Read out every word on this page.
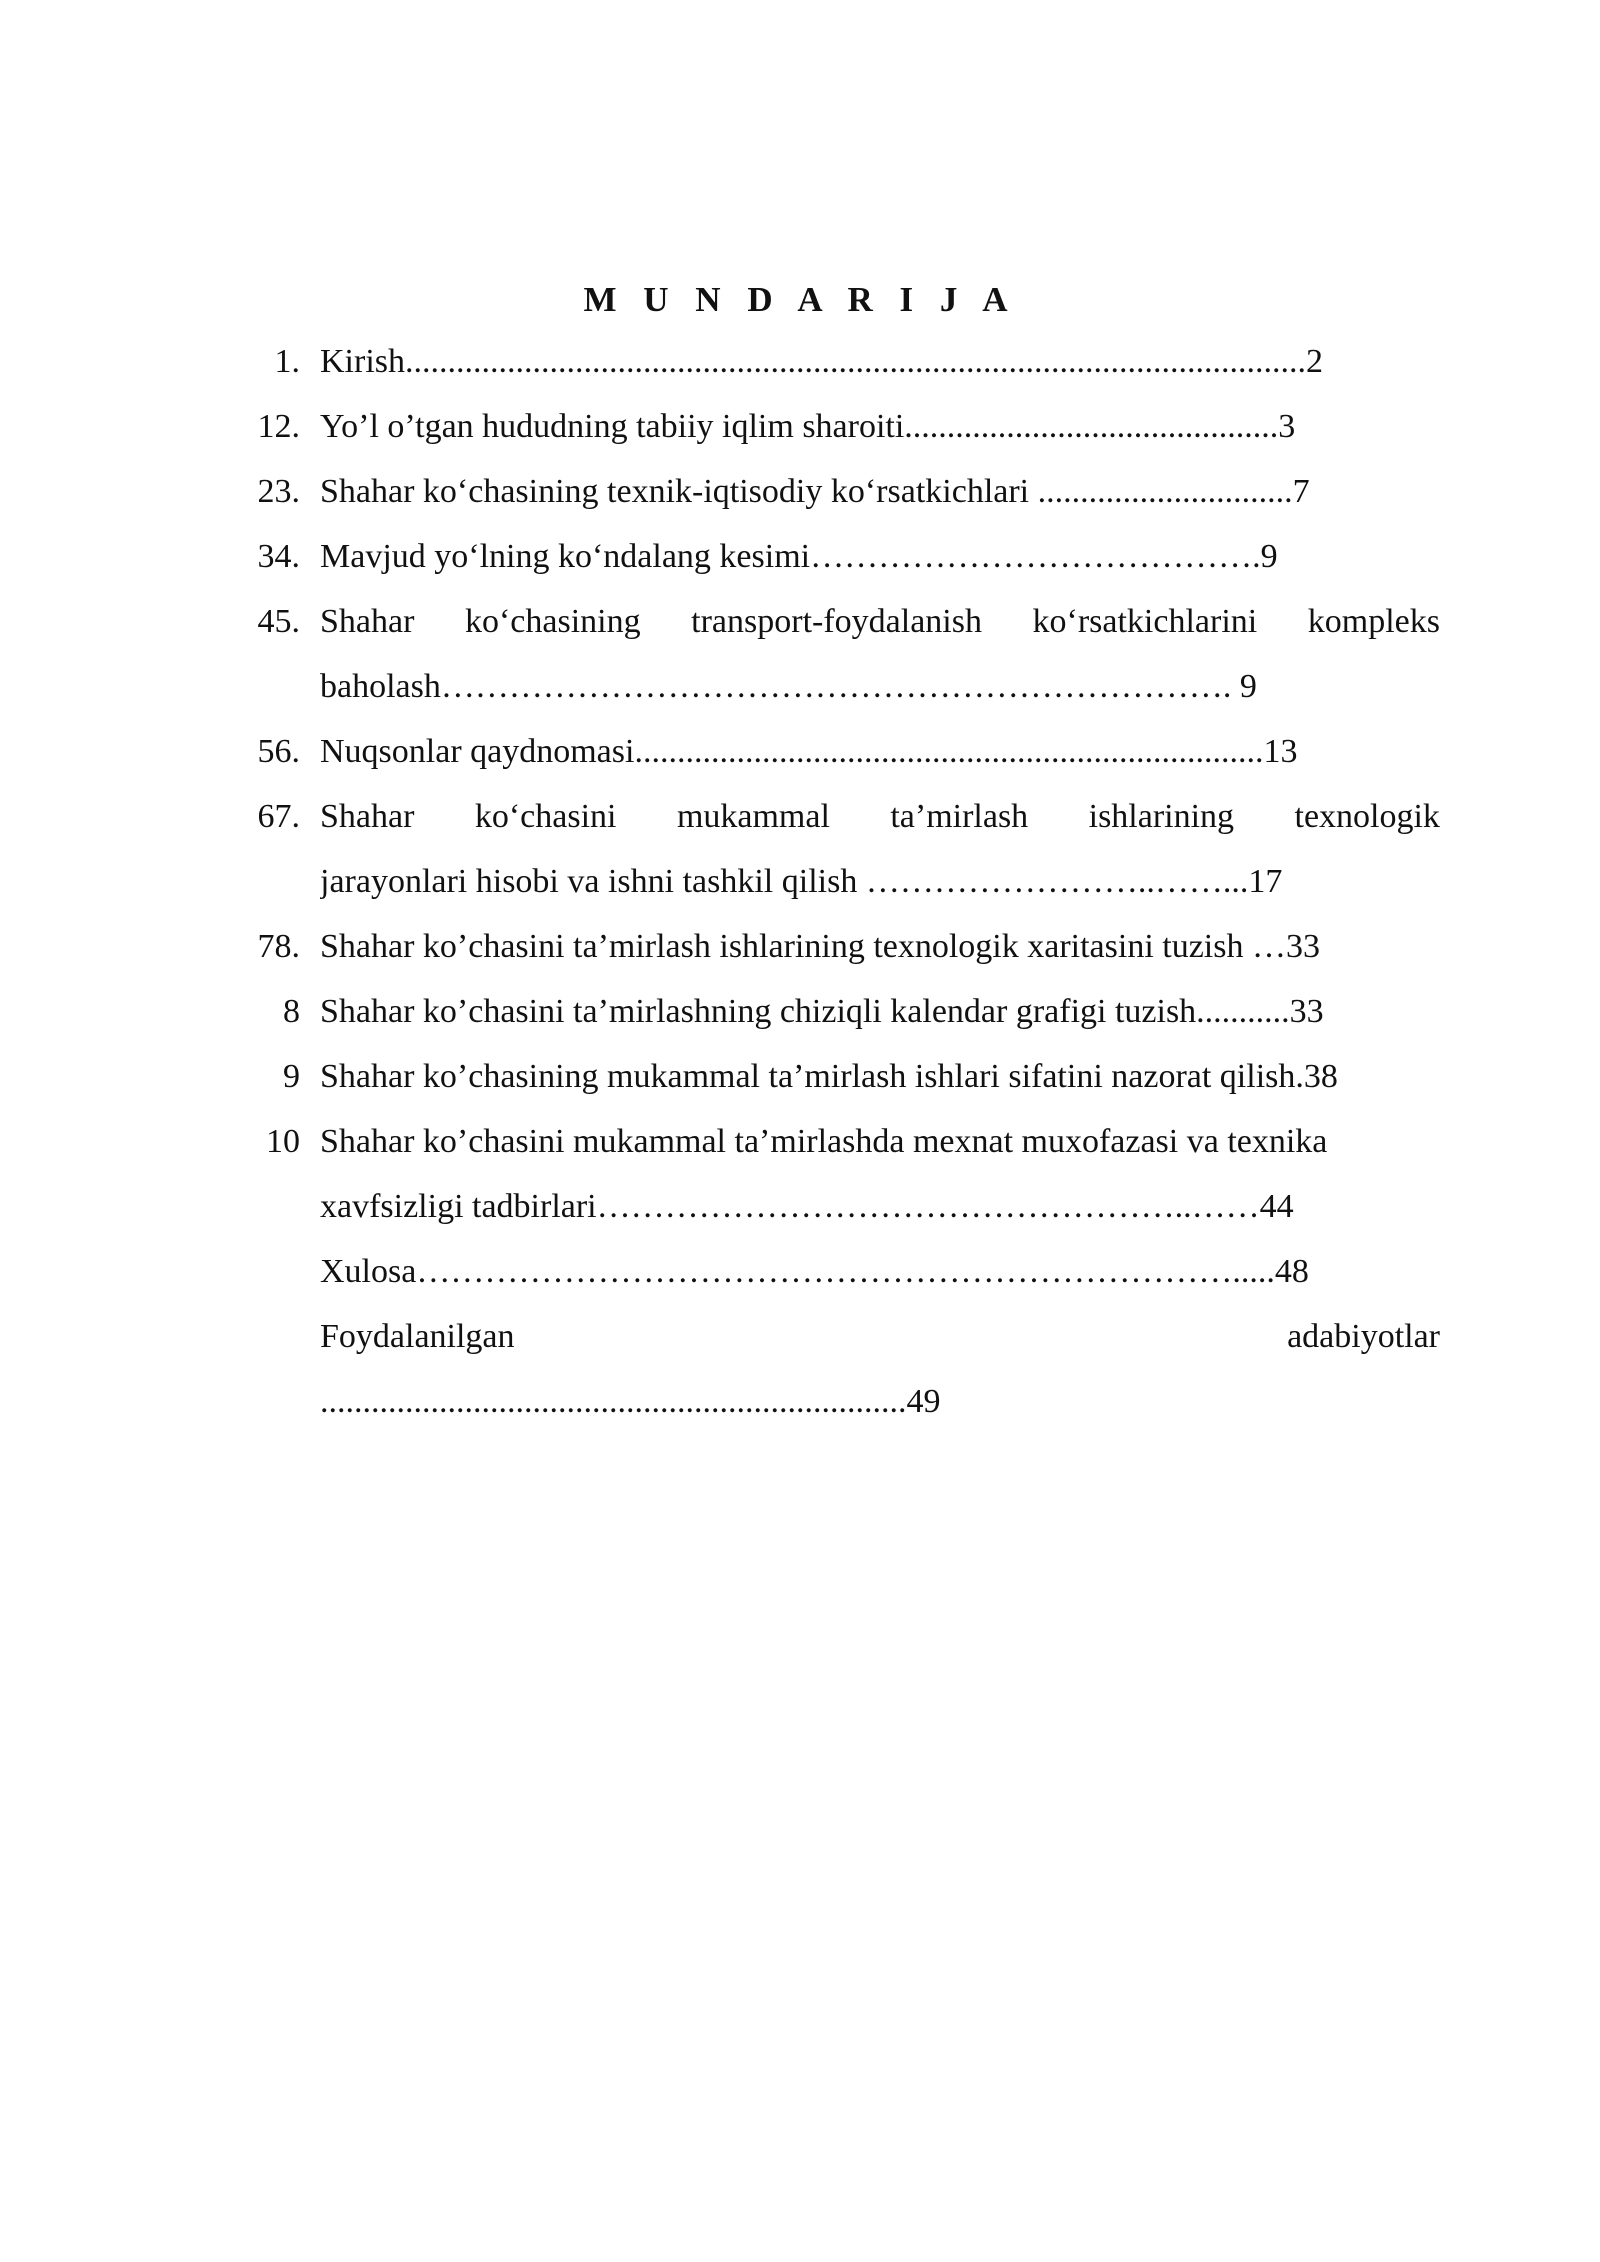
M U N D A R I J A
1. Kirish..........................................................................................................2
12. Yo’l o’tgan hududning tabiiy iqlim sharoiti............................................3
23. Shahar ko‘chasining texnik-iqtisodiy ko‘rsatkichlari ..............................7
34. Mavjud yo‘lning ko‘ndalang kesimi………………………………….9
45. Shahar ko‘chasining transport-foydalanish ko‘rsatkichlarini kompleks
baholash……………………………………………………………. 9
56. Nuqsonlar qaydnomasi..........................................................................13
67. Shahar ko‘chasini mukammal ta’mirlash ishlarining texnologik
jarayonlari hisobi va ishni tashkil qilish ……………………..……...17
78. Shahar ko’chasini ta’mirlash ishlarining texnologik xaritasini tuzish …33
8 Shahar ko’chasini ta’mirlashning chiziqli kalendar grafigi tuzish...........33
9 Shahar ko’chasining mukammal ta’mirlash ishlari sifatini nazorat qilish.38
10 Shahar ko’chasini mukammal ta’mirlashda mexnat muxofazasi va texnika
xavfsizligi tadbirlari……………………………………………..……44
Xulosa……………………………………………………………….....48
Foydalanilgan	adabiyotlar
.....................................................................49
